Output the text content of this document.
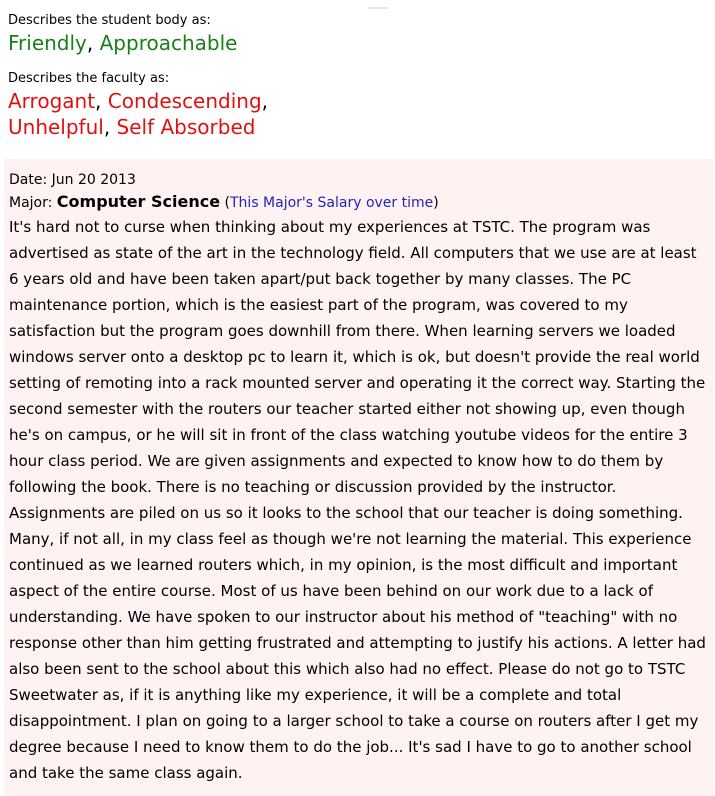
Describes the student body as:
Friendly, Approachable
Describes the faculty as:
Arrogant, Condescending,
Unhelpful, Self Absorbed
Date: Jun 20 2013
Major: Computer Science (This Major's Salary over time)
It's hard not to curse when thinking about my experiences at TSTC. The program was advertised as state of the art in the technology field. All computers that we use are at least 6 years old and have been taken apart/put back together by many classes. The PC maintenance portion, which is the easiest part of the program, was covered to my satisfaction but the program goes downhill from there. When learning servers we loaded windows server onto a desktop pc to learn it, which is ok, but doesn't provide the real world setting of remoting into a rack mounted server and operating it the correct way. Starting the second semester with the routers our teacher started either not showing up, even though he's on campus, or he will sit in front of the class watching youtube videos for the entire 3 hour class period. We are given assignments and expected to know how to do them by following the book. There is no teaching or discussion provided by the instructor. Assignments are piled on us so it looks to the school that our teacher is doing something. Many, if not all, in my class feel as though we're not learning the material. This experience continued as we learned routers which, in my opinion, is the most difficult and important aspect of the entire course. Most of us have been behind on our work due to a lack of understanding. We have spoken to our instructor about his method of "teaching" with no response other than him getting frustrated and attempting to justify his actions. A letter had also been sent to the school about this which also had no effect. Please do not go to TSTC Sweetwater as, if it is anything like my experience, it will be a complete and total disappointment. I plan on going to a larger school to take a course on routers after I get my degree because I need to know them to do the job... It's sad I have to go to another school and take the same class again.
